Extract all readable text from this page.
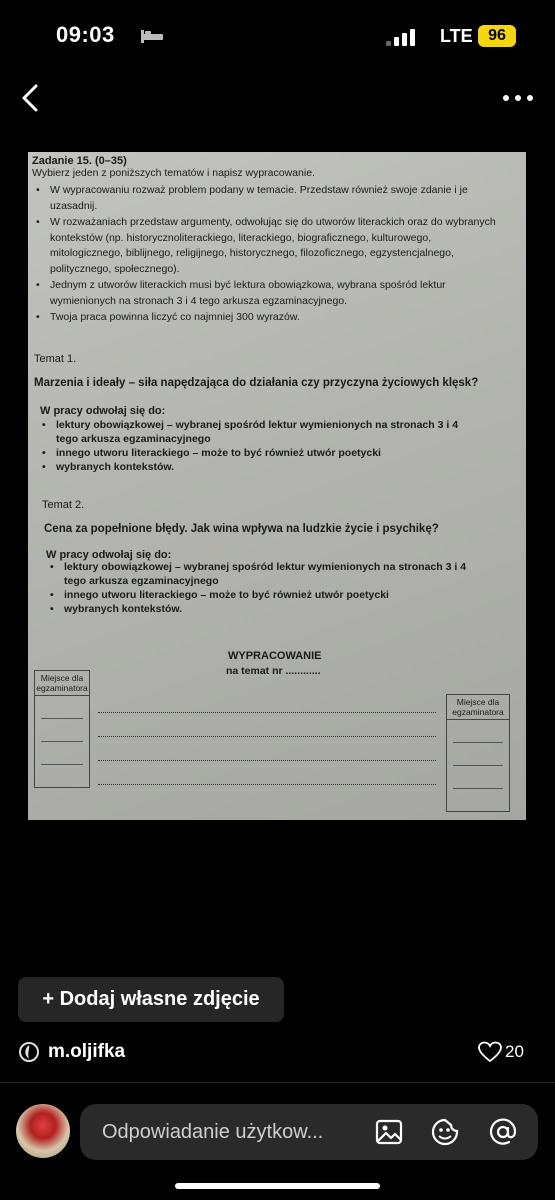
09:03	LTE 96
Zadanie 15. (0–35)
Wybierz jeden z poniższych tematów i napisz wypracowanie.
• W wypracowaniu rozważ problem podany w temacie. Przedstaw również swoje zdanie i je uzasadnij.
• W rozważaniach przedstaw argumenty, odwołując się do utworów literackich oraz do wybranych kontekstów (np. historycznoliterackiego, literackiego, biograficznego, kulturowego, mitologicznego, biblijnego, religijnego, historycznego, filozoficznego, egzystencjalnego, politycznego, społecznego).
• Jednym z utworów literackich musi być lektura obowiązkowa, wybrana spośród lektur wymienionych na stronach 3 i 4 tego arkusza egzaminacyjnego.
• Twoja praca powinna liczyć co najmniej 300 wyrazów.
Temat 1.
Marzenia i ideały – siła napędzająca do działania czy przyczyna życiowych klęsk?
W pracy odwołaj się do:
• lektury obowiązkowej – wybranej spośród lektur wymienionych na stronach 3 i 4 tego arkusza egzaminacyjnego
• innego utworu literackiego – może to być również utwór poetycki
• wybranych kontekstów.
Temat 2.
Cena za popełnione błędy. Jak wina wpływa na ludzkie życie i psychikę?
W pracy odwołaj się do:
• lektury obowiązkowej – wybranej spośród lektur wymienionych na stronach 3 i 4 tego arkusza egzaminacyjnego
• innego utworu literackiego – może to być również utwór poetycki
• wybranych kontekstów.
WYPRACOWANIE
na temat nr ............
Miejsce dla egzaminatora
Miejsce dla egzaminatora
+ Dodaj własne zdjęcie
m.oljifka	20
Odpowiadanie użytkow...
